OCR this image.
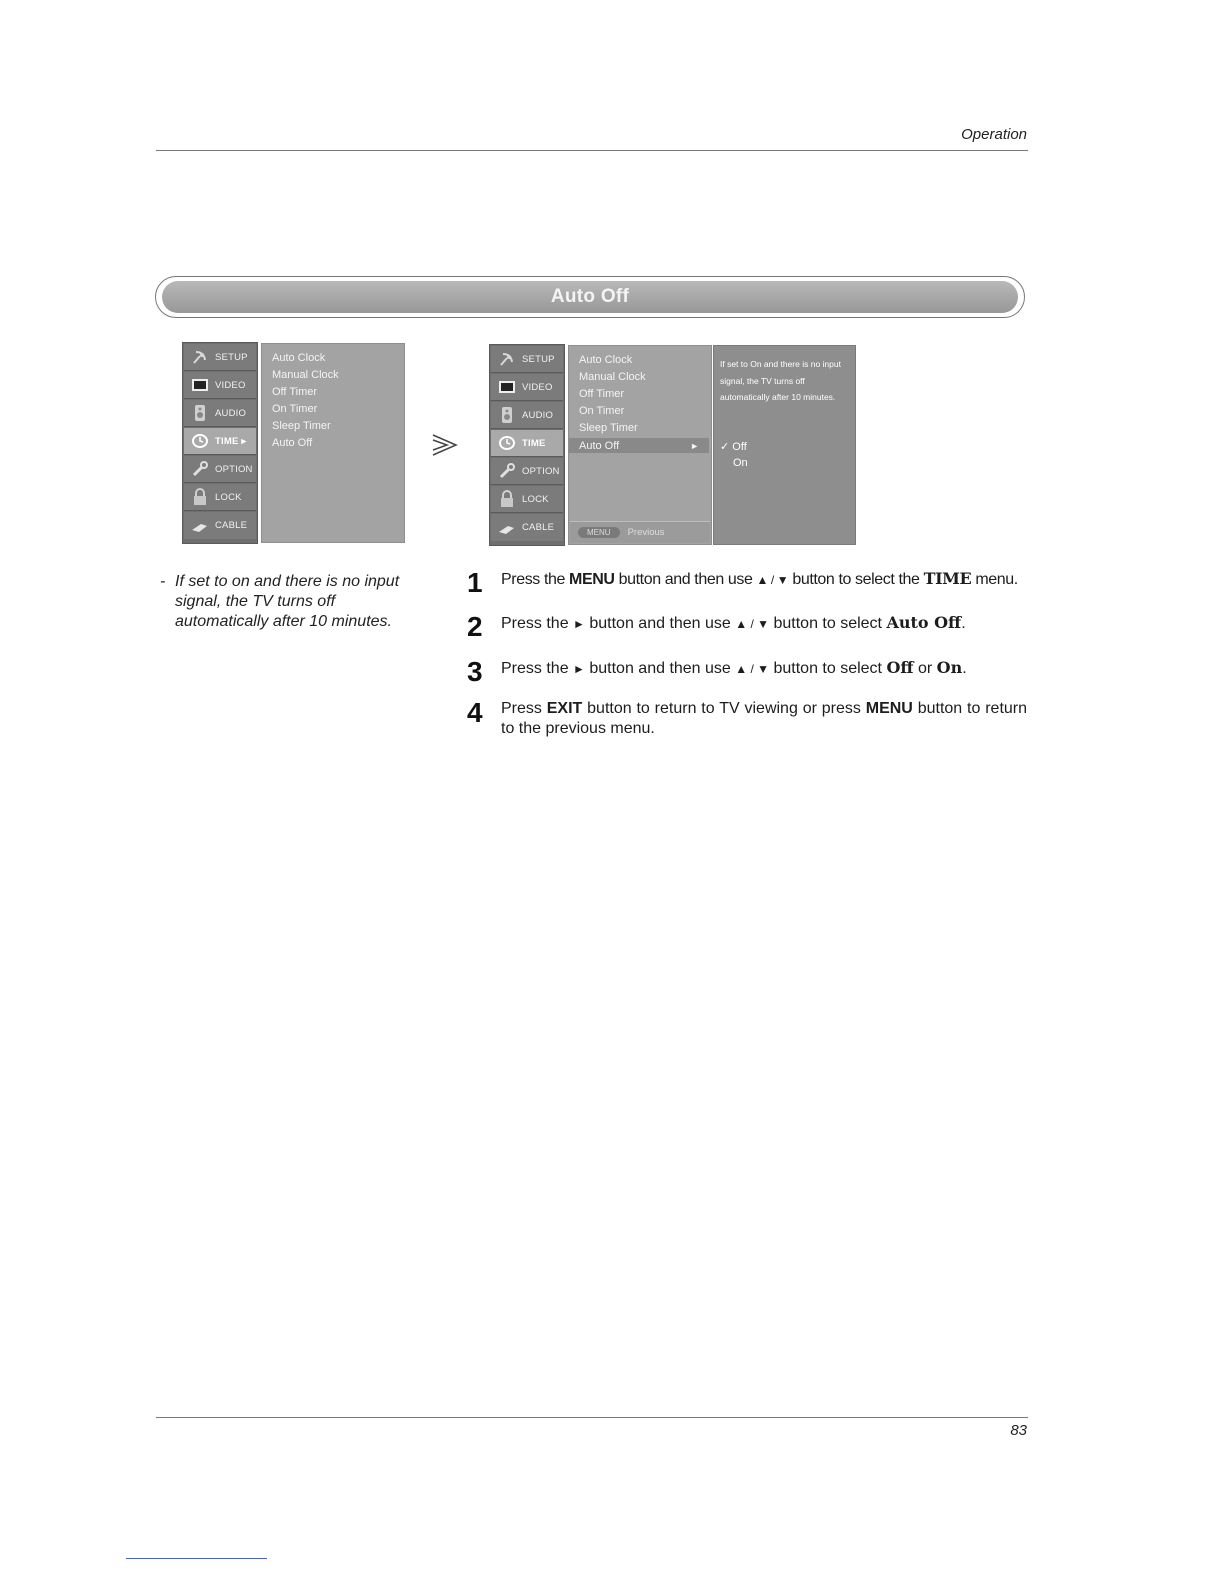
Operation
Auto Off
SETUP
VIDEO
AUDIO
TIME ▸
OPTION
LOCK
CABLE
Auto Clock
Manual Clock
Off Timer
On Timer
Sleep Timer
Auto Off
SETUP
VIDEO
AUDIO
TIME
OPTION
LOCK
CABLE
Auto Clock
Manual Clock
Off Timer
On Timer
Sleep Timer
Auto Off	►
MENU	Previous
If set to On and there is no input signal, the TV turns off automatically after 10 minutes.
✓ Off
On
- If set to on and there is no input signal, the TV turns off automatically after 10 minutes.
1 Press the MENU button and then use ▲ / ▼ button to select the TIME menu.
2 Press the ► button and then use ▲ / ▼ button to select Auto Off.
3 Press the ► button and then use ▲ / ▼ button to select Off or On.
4 Press EXIT button to return to TV viewing or press MENU button to return to the previous menu.
83
